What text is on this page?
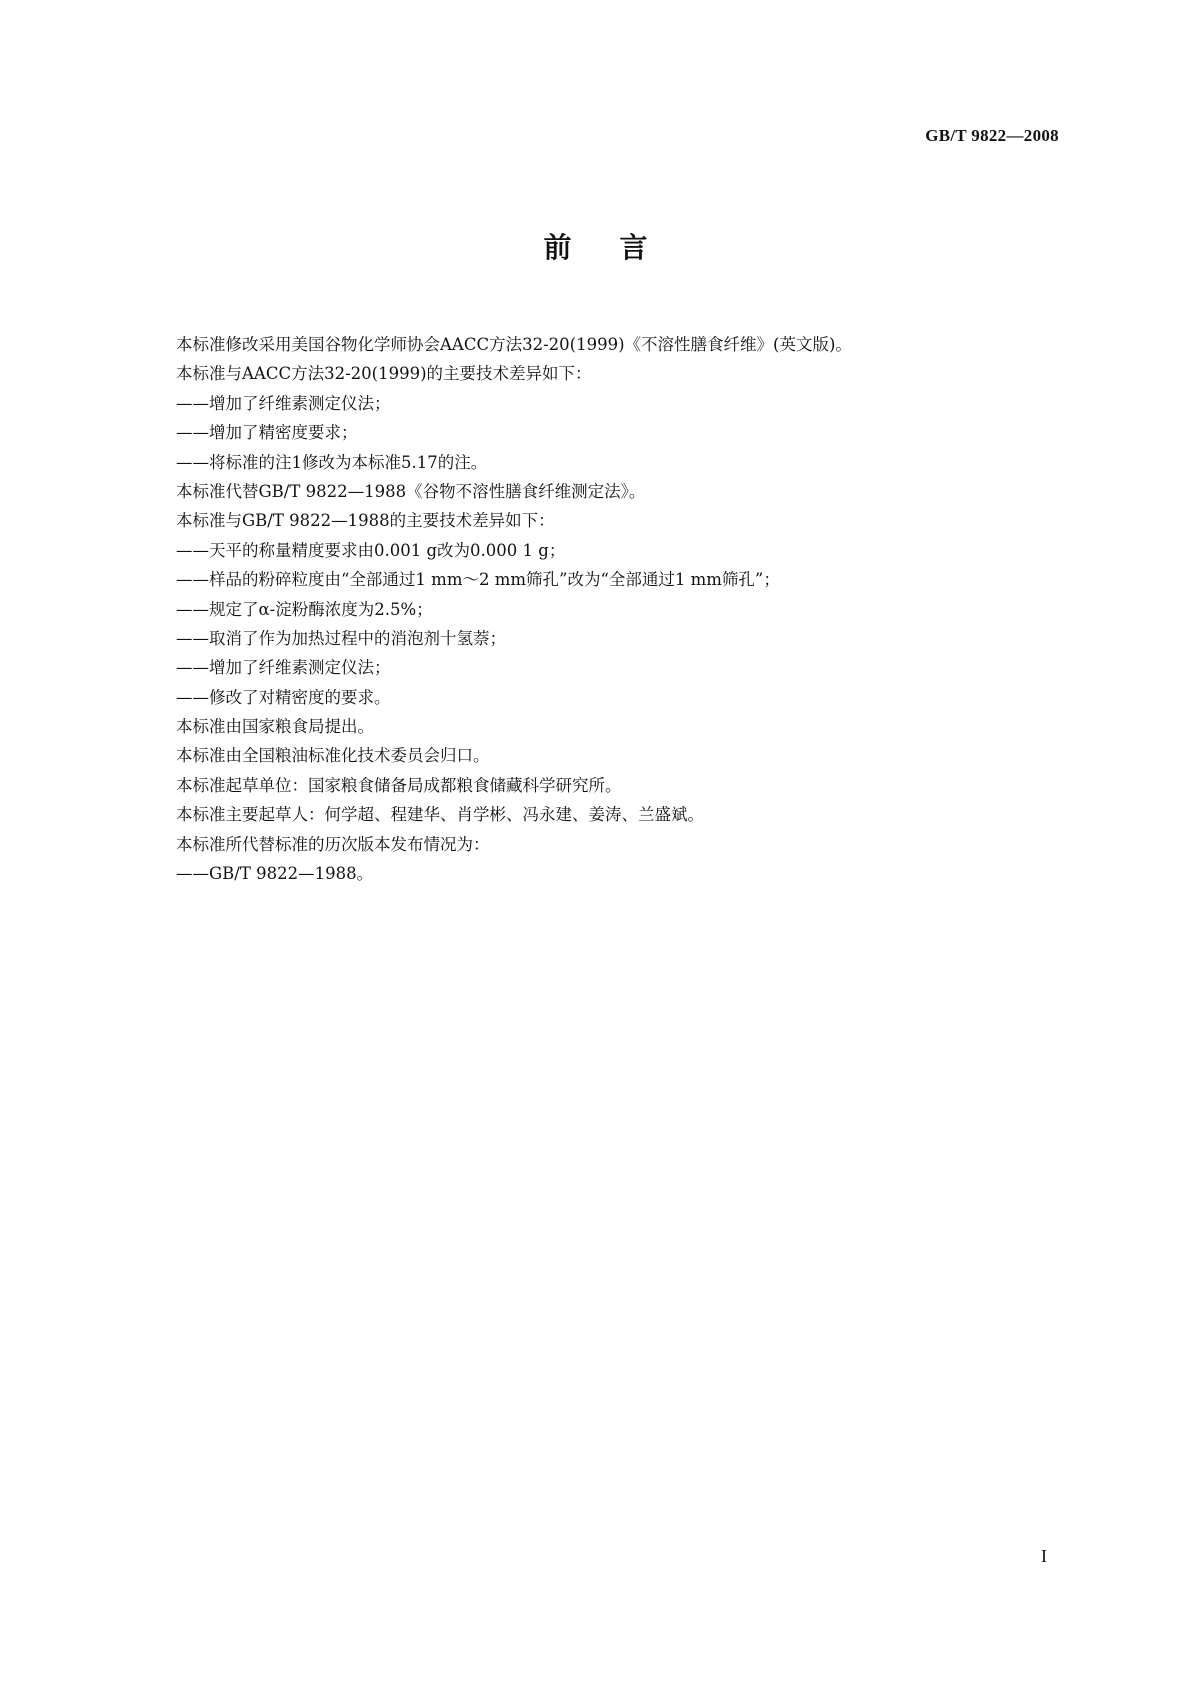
GB/T 9822—2008
前言
本标准修改采用美国谷物化学师协会AACC方法32-20(1999)《不溶性膳食纤维》(英文版)。
本标准与AACC方法32-20(1999)的主要技术差异如下：
——增加了纤维素测定仪法；
——增加了精密度要求；
——将标准的注1修改为本标准5.17的注。
本标准代替GB/T 9822—1988《谷物不溶性膳食纤维测定法》。
本标准与GB/T 9822—1988的主要技术差异如下：
——天平的称量精度要求由0.001 g改为0.000 1 g；
——样品的粉碎粒度由“全部通过1 mm～2 mm筛孔”改为“全部通过1 mm筛孔”；
——规定了α-淀粉酶浓度为2.5%；
——取消了作为加热过程中的消泡剂十氢萘；
——增加了纤维素测定仪法；
——修改了对精密度的要求。
本标准由国家粮食局提出。
本标准由全国粮油标准化技术委员会归口。
本标准起草单位：国家粮食储备局成都粮食储藏科学研究所。
本标准主要起草人：何学超、程建华、肖学彬、冯永建、姜涛、兰盛斌。
本标准所代替标准的历次版本发布情况为：
——GB/T 9822—1988。
I
